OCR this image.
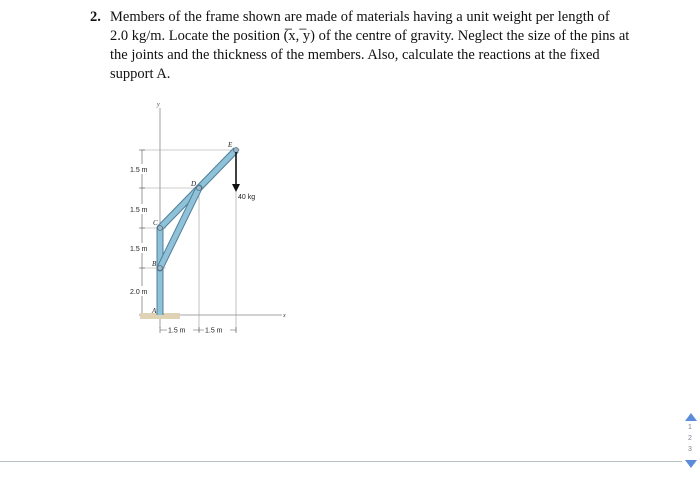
2. Members of the frame shown are made of materials having a unit weight per length of
2.0 kg/m. Locate the position (̅x, ̅y) of the centre of gravity. Neglect the size of the pins at
the joints and the thickness of the members. Also, calculate the reactions at the fixed
support A.
y
x
1.5 m
1.5 m
1.5 m
2.0 m
A
B
C
D
E
40 kg
1.5 m	1.5 m
1
2
3
